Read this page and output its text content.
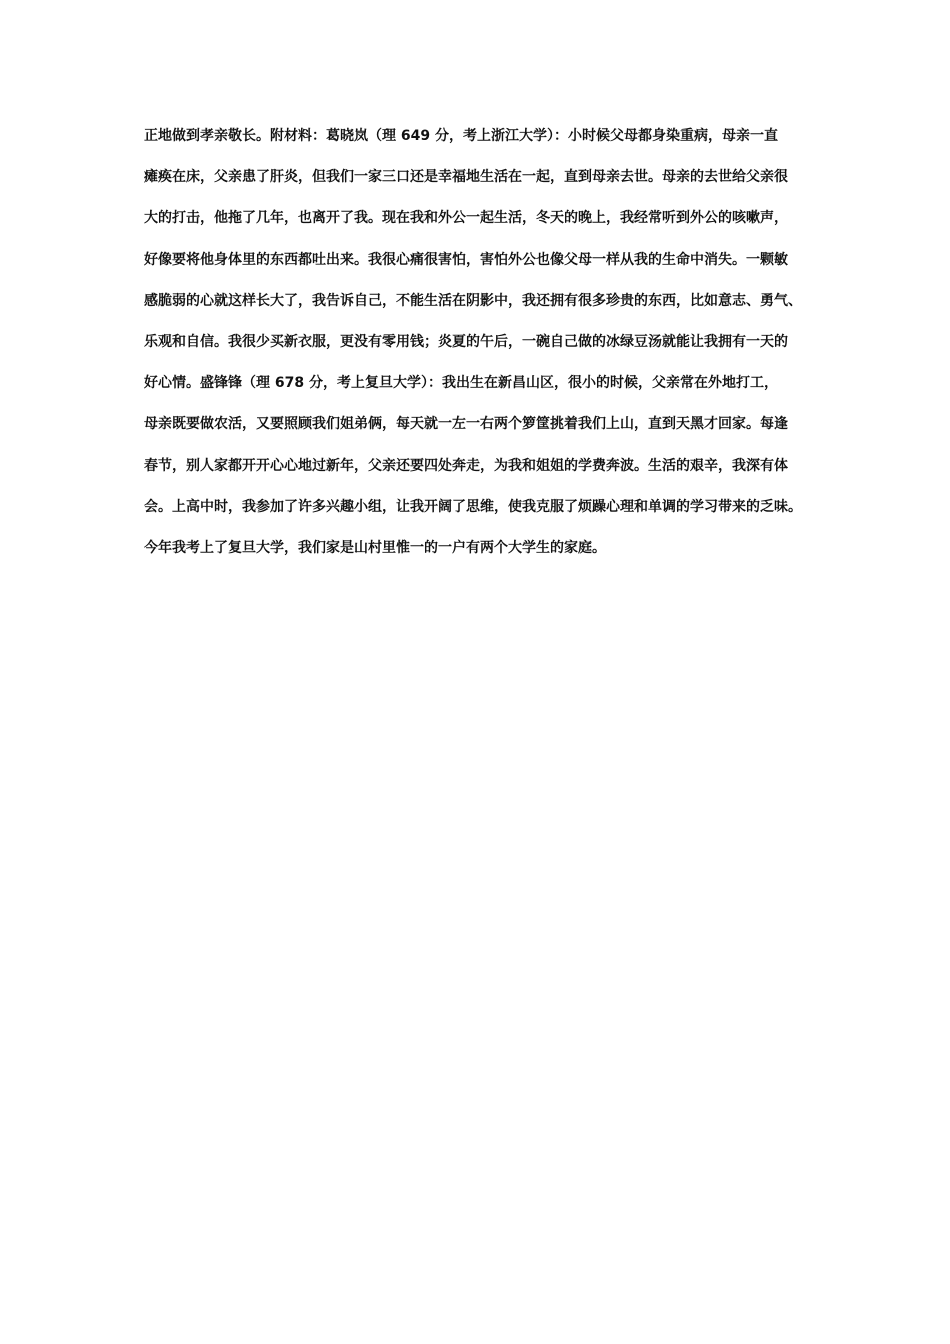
正地做到孝亲敬长。附材料：葛晓岚（理 649 分，考上浙江大学）：小时候父母都身染重病，母亲一直
瘫痪在床，父亲患了肝炎，但我们一家三口还是幸福地生活在一起，直到母亲去世。母亲的去世给父亲很
大的打击，他拖了几年，也离开了我。现在我和外公一起生活，冬天的晚上，我经常听到外公的咳嗽声，
好像要将他身体里的东西都吐出来。我很心痛很害怕，害怕外公也像父母一样从我的生命中消失。一颗敏
感脆弱的心就这样长大了，我告诉自己，不能生活在阴影中，我还拥有很多珍贵的东西，比如意志、勇气、
乐观和自信。我很少买新衣服，更没有零用钱；炎夏的午后，一碗自己做的冰绿豆汤就能让我拥有一天的
好心情。盛锋锋（理 678 分，考上复旦大学）：我出生在新昌山区，很小的时候，父亲常在外地打工，
母亲既要做农活，又要照顾我们姐弟俩，每天就一左一右两个箩筐挑着我们上山，直到天黑才回家。每逢
春节，别人家都开开心心地过新年，父亲还要四处奔走，为我和姐姐的学费奔波。生活的艰辛，我深有体
会。上高中时，我参加了许多兴趣小组，让我开阔了思维，使我克服了烦躁心理和单调的学习带来的乏味。
今年我考上了复旦大学，我们家是山村里惟一的一户有两个大学生的家庭。
